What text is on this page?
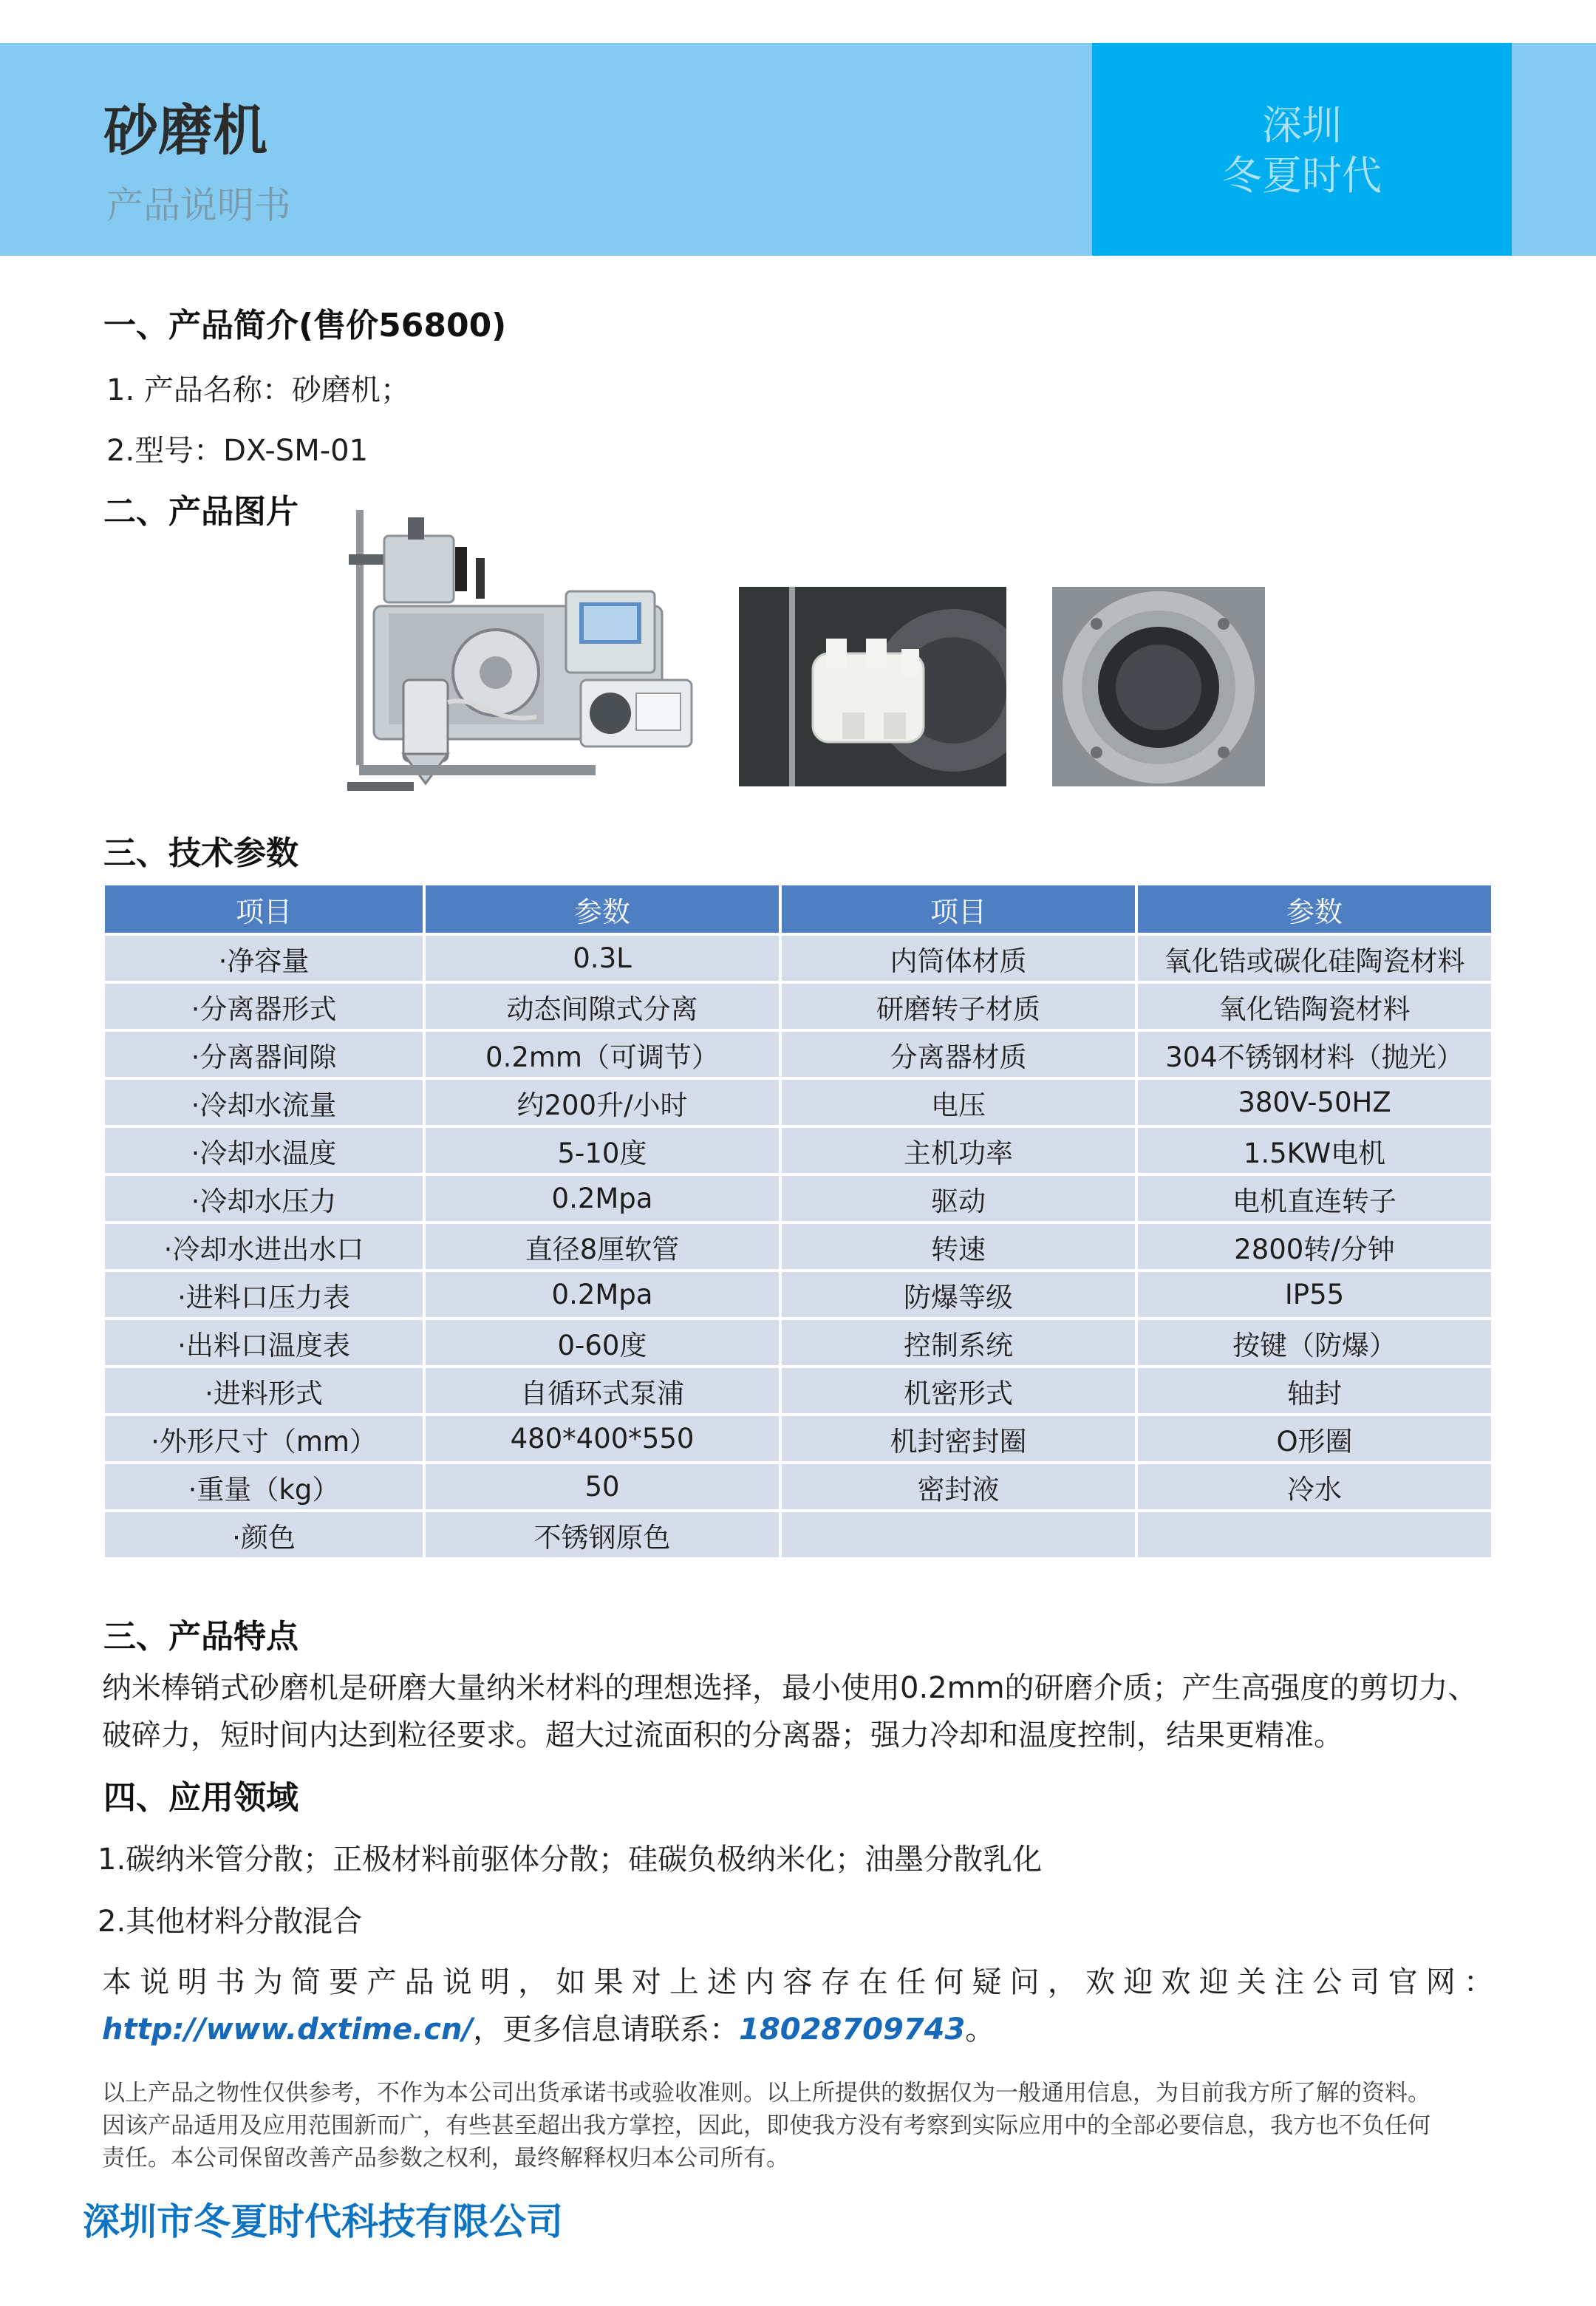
砂磨机
产品说明书
深圳
冬夏时代
一、产品简介(售价56800)
1. 产品名称：砂磨机；
2.型号：DX-SM-01
二、产品图片
三、技术参数
项目	参数	项目	参数
·净容量	0.3L	内筒体材质	氧化锆或碳化硅陶瓷材料
·分离器形式	动态间隙式分离	研磨转子材质	氧化锆陶瓷材料
·分离器间隙	0.2mm（可调节）	分离器材质	304不锈钢材料（抛光）
·冷却水流量	约200升/小时	电压	380V-50HZ
·冷却水温度	5-10度	主机功率	1.5KW电机
·冷却水压力	0.2Mpa	驱动	电机直连转子
·冷却水进出水口	直径8厘软管	转速	2800转/分钟
·进料口压力表	0.2Mpa	防爆等级	IP55
·出料口温度表	0-60度	控制系统	按键（防爆）
·进料形式	自循环式泵浦	机密形式	轴封
·外形尺寸（mm）	480*400*550	机封密封圈	O形圈
·重量（kg）	50	密封液	冷水
·颜色	不锈钢原色		
三、产品特点
纳米棒销式砂磨机是研磨大量纳米材料的理想选择，最小使用0.2mm的研磨介质；产生高强度的剪切力、
破碎力，短时间内达到粒径要求。超大过流面积的分离器；强力冷却和温度控制，结果更精准。
四、应用领域
1.碳纳米管分散；正极材料前驱体分散；硅碳负极纳米化；油墨分散乳化
2.其他材料分散混合
本说明书为简要产品说明，如果对上述内容存在任何疑问，欢迎欢迎关注公司官网：http://www.dxtime.cn/，更多信息请联系：18028709743。
以上产品之物性仅供参考，不作为本公司出货承诺书或验收准则。以上所提供的数据仅为一般通用信息，为目前我方所了解的资料。
因该产品适用及应用范围新而广，有些甚至超出我方掌控，因此，即使我方没有考察到实际应用中的全部必要信息，我方也不负任何
责任。本公司保留改善产品参数之权利，最终解释权归本公司所有。
深圳市冬夏时代科技有限公司
